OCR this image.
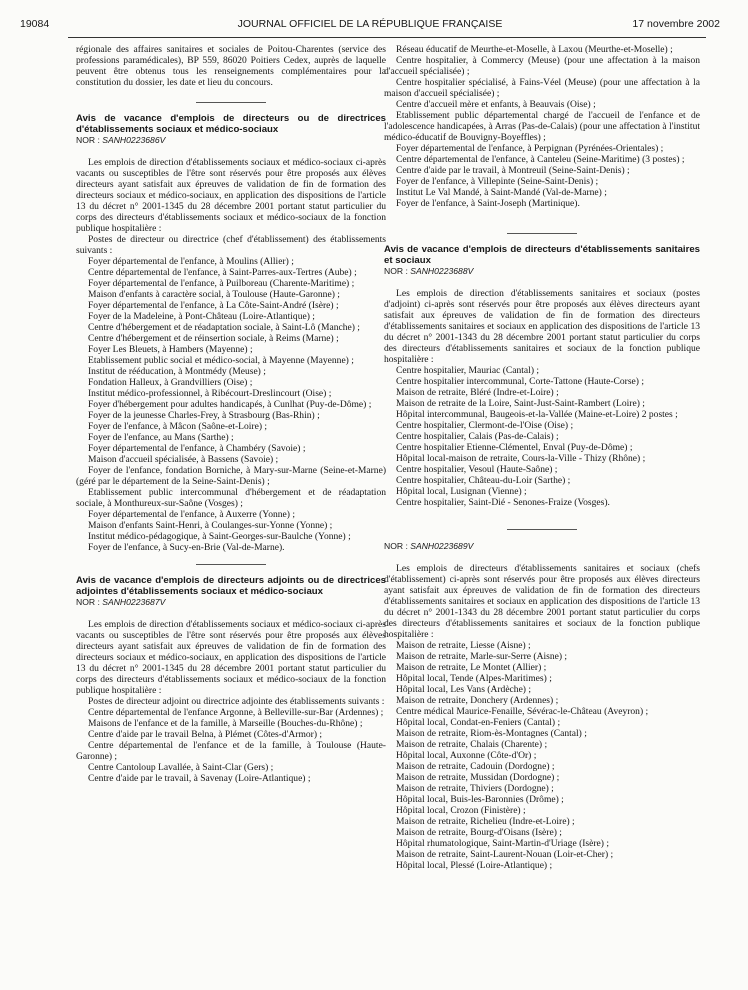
19084	JOURNAL OFFICIEL DE LA RÉPUBLIQUE FRANÇAISE	17 novembre 2002

régionale des affaires sanitaires et sociales de Poitou-Charentes (service des professions paramédicales), BP 559, 86020 Poitiers Cedex, auprès de laquelle peuvent être obtenus tous les renseignements complémentaires pour la constitution du dossier, les date et lieu du concours.

Avis de vacance d'emplois de directeurs ou de directrices d'établissements sociaux et médico-sociaux

NOR : SANH0223686V

Les emplois de direction d'établissements sociaux et médico-sociaux ci-après vacants ou susceptibles de l'être sont réservés pour être proposés aux élèves directeurs ayant satisfait aux épreuves de validation de fin de formation des directeurs sociaux et médico-sociaux, en application des dispositions de l'article 13 du décret n° 2001-1345 du 28 décembre 2001 portant statut particulier du corps des directeurs d'établissements sociaux et médico-sociaux de la fonction publique hospitalière :

Postes de directeur ou directrice (chef d'établissement) des établissements suivants :

Foyer départemental de l'enfance, à Moulins (Allier) ;

Centre départemental de l'enfance, à Saint-Parres-aux-Tertres (Aube) ;

Foyer départemental de l'enfance, à Puilboreau (Charente-Maritime) ;

Maison d'enfants à caractère social, à Toulouse (Haute-Garonne) ;

Foyer départemental de l'enfance, à La Côte-Saint-André (Isère) ;

Foyer de la Madeleine, à Pont-Château (Loire-Atlantique) ;

Centre d'hébergement et de réadaptation sociale, à Saint-Lô (Manche) ;

Centre d'hébergement et de réinsertion sociale, à Reims (Marne) ;

Foyer Les Bleuets, à Hambers (Mayenne) ;

Etablissement public social et médico-social, à Mayenne (Mayenne) ;

Institut de rééducation, à Montmédy (Meuse) ;

Fondation Halleux, à Grandvilliers (Oise) ;

Institut médico-professionnel, à Ribécourt-Dreslincourt (Oise) ;

Foyer d'hébergement pour adultes handicapés, à Cunlhat (Puy-de-Dôme) ;

Foyer de la jeunesse Charles-Frey, à Strasbourg (Bas-Rhin) ;

Foyer de l'enfance, à Mâcon (Saône-et-Loire) ;

Foyer de l'enfance, au Mans (Sarthe) ;

Foyer départemental de l'enfance, à Chambéry (Savoie) ;

Maison d'accueil spécialisée, à Bassens (Savoie) ;

Foyer de l'enfance, fondation Borniche, à Mary-sur-Marne (Seine-et-Marne) (géré par le département de la Seine-Saint-Denis) ;

Etablissement public intercommunal d'hébergement et de réadaptation sociale, à Monthureux-sur-Saône (Vosges) ;

Foyer départemental de l'enfance, à Auxerre (Yonne) ;

Maison d'enfants Saint-Henri, à Coulanges-sur-Yonne (Yonne) ;

Institut médico-pédagogique, à Saint-Georges-sur-Baulche (Yonne) ;

Foyer de l'enfance, à Sucy-en-Brie (Val-de-Marne).

Avis de vacance d'emplois de directeurs adjoints ou de directrices adjointes d'établissements sociaux et médico-sociaux

NOR : SANH0223687V

Les emplois de direction d'établissements sociaux et médico-sociaux ci-après vacants ou susceptibles de l'être sont réservés pour être proposés aux élèves directeurs ayant satisfait aux épreuves de validation de fin de formation des directeurs sociaux et médico-sociaux, en application des dispositions de l'article 13 du décret n° 2001-1345 du 28 décembre 2001 portant statut particulier du corps des directeurs d'établissements sociaux et médico-sociaux de la fonction publique hospitalière :

Postes de directeur adjoint ou directrice adjointe des établissements suivants :

Centre départemental de l'enfance Argonne, à Belleville-sur-Bar (Ardennes) ;

Maisons de l'enfance et de la famille, à Marseille (Bouches-du-Rhône) ;

Centre d'aide par le travail Belna, à Plémet (Côtes-d'Armor) ;

Centre départemental de l'enfance et de la famille, à Toulouse (Haute-Garonne) ;

Centre Cantoloup Lavallée, à Saint-Clar (Gers) ;

Centre d'aide par le travail, à Savenay (Loire-Atlantique) ;

Réseau éducatif de Meurthe-et-Moselle, à Laxou (Meurthe-et-Moselle) ;

Centre hospitalier, à Commercy (Meuse) (pour une affectation à la maison d'accueil spécialisée) ;

Centre hospitalier spécialisé, à Fains-Véel (Meuse) (pour une affectation à la maison d'accueil spécialisée) ;

Centre d'accueil mère et enfants, à Beauvais (Oise) ;

Etablissement public départemental chargé de l'accueil de l'enfance et de l'adolescence handicapées, à Arras (Pas-de-Calais) (pour une affectation à l'institut médico-éducatif de Bouvigny-Boyeffles) ;

Foyer départemental de l'enfance, à Perpignan (Pyrénées-Orientales) ;

Centre départemental de l'enfance, à Canteleu (Seine-Maritime) (3 postes) ;

Centre d'aide par le travail, à Montreuil (Seine-Saint-Denis) ;

Foyer de l'enfance, à Villepinte (Seine-Saint-Denis) ;

Institut Le Val Mandé, à Saint-Mandé (Val-de-Marne) ;

Foyer de l'enfance, à Saint-Joseph (Martinique).

Avis de vacance d'emplois de directeurs d'établissements sanitaires et sociaux

NOR : SANH0223688V

Les emplois de direction d'établissements sanitaires et sociaux (postes d'adjoint) ci-après sont réservés pour être proposés aux élèves directeurs ayant satisfait aux épreuves de validation de fin de formation des directeurs d'établissements sanitaires et sociaux en application des dispositions de l'article 13 du décret n° 2001-1343 du 28 décembre 2001 portant statut particulier du corps des directeurs d'établissements sanitaires et sociaux de la fonction publique hospitalière :

Centre hospitalier, Mauriac (Cantal) ;

Centre hospitalier intercommunal, Corte-Tattone (Haute-Corse) ;

Maison de retraite, Bléré (Indre-et-Loire) ;

Maison de retraite de la Loire, Saint-Just-Saint-Rambert (Loire) ;

Hôpital intercommunal, Baugeois-et-la-Vallée (Maine-et-Loire) 2 postes ;

Centre hospitalier, Clermont-de-l'Oise (Oise) ;

Centre hospitalier, Calais (Pas-de-Calais) ;

Centre hospitalier Etienne-Clémentel, Enval (Puy-de-Dôme) ;

Hôpital local-maison de retraite, Cours-la-Ville - Thizy (Rhône) ;

Centre hospitalier, Vesoul (Haute-Saône) ;

Centre hospitalier, Château-du-Loir (Sarthe) ;

Hôpital local, Lusignan (Vienne) ;

Centre hospitalier, Saint-Dié - Senones-Fraize (Vosges).

NOR : SANH0223689V

Les emplois de directeurs d'établissements sanitaires et sociaux (chefs d'établissement) ci-après sont réservés pour être proposés aux élèves directeurs ayant satisfait aux épreuves de validation de fin de formation des directeurs d'établissements sanitaires et sociaux en application des dispositions de l'article 13 du décret n° 2001-1343 du 28 décembre 2001 portant statut particulier du corps des directeurs d'établissements sanitaires et sociaux de la fonction publique hospitalière :

Maison de retraite, Liesse (Aisne) ;

Maison de retraite, Marle-sur-Serre (Aisne) ;

Maison de retraite, Le Montet (Allier) ;

Hôpital local, Tende (Alpes-Maritimes) ;

Hôpital local, Les Vans (Ardèche) ;

Maison de retraite, Donchery (Ardennes) ;

Centre médical Maurice-Fenaille, Sévérac-le-Château (Aveyron) ;

Hôpital local, Condat-en-Feniers (Cantal) ;

Maison de retraite, Riom-ès-Montagnes (Cantal) ;

Maison de retraite, Chalais (Charente) ;

Hôpital local, Auxonne (Côte-d'Or) ;

Maison de retraite, Cadouin (Dordogne) ;

Maison de retraite, Mussidan (Dordogne) ;

Maison de retraite, Thiviers (Dordogne) ;

Hôpital local, Buis-les-Baronnies (Drôme) ;

Hôpital local, Crozon (Finistère) ;

Maison de retraite, Richelieu (Indre-et-Loire) ;

Maison de retraite, Bourg-d'Oisans (Isère) ;

Hôpital rhumatologique, Saint-Martin-d'Uriage (Isère) ;

Maison de retraite, Saint-Laurent-Nouan (Loir-et-Cher) ;

Hôpital local, Plessé (Loire-Atlantique) ;
